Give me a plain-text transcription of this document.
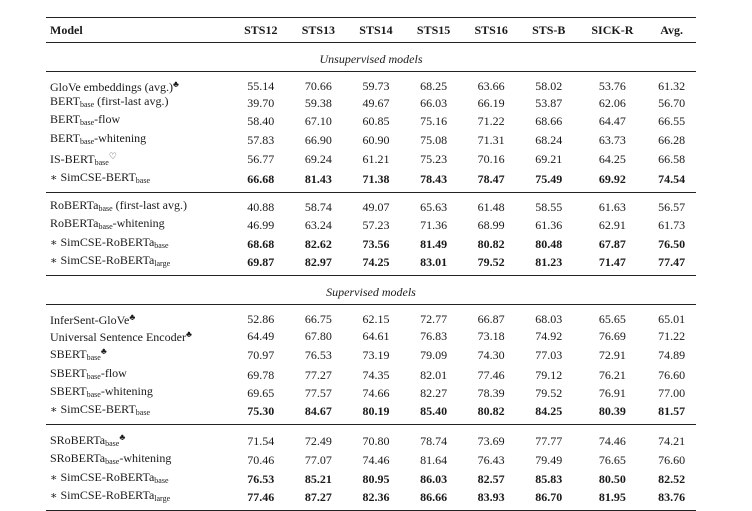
Model	STS12	STS13	STS14	STS15	STS16	STS-B	SICK-R	Avg.
Unsupervised models								
GloVe embeddings (avg.)♣	55.14	70.66	59.73	68.25	63.66	58.02	53.76	61.32
$BERT_{base}$ (first-last avg.)	39.70	59.38	49.67	66.03	66.19	53.87	62.06	56.70
$BERT_{base}$-flow	58.40	67.10	60.85	75.16	71.22	68.66	64.47	66.55
$BERT_{base}$-whitening	57.83	66.90	60.90	75.08	71.31	68.24	63.73	66.28
$IS-BERT_{base}^♡$	56.77	69.24	61.21	75.23	70.16	69.21	64.25	66.58
∗ SimCSE-$BERT_{base}$	66.68	81.43	71.38	78.43	78.47	75.49	69.92	74.54
RoBERTa$_{base}$ (first-last avg.)	40.88	58.74	49.07	65.63	61.48	58.55	61.63	56.57
RoBERTa$_{base}$-whitening	46.99	63.24	57.23	71.36	68.99	61.36	62.91	61.73
∗ SimCSE-RoBERTa$_{base}$	68.68	82.62	73.56	81.49	80.82	80.48	67.87	76.50
∗ SimCSE-RoBERTa$_{large}$	69.87	82.97	74.25	83.01	79.52	81.23	71.47	77.47
Supervised models								
InferSent-GloVe♣	52.86	66.75	62.15	72.77	66.87	68.03	65.65	65.01
Universal Sentence Encoder♣	64.49	67.80	64.61	76.83	73.18	74.92	76.69	71.22
$SBERT_{base}^♣$	70.97	76.53	73.19	79.09	74.30	77.03	72.91	74.89
$SBERT_{base}$-flow	69.78	77.27	74.35	82.01	77.46	79.12	76.21	76.60
$SBERT_{base}$-whitening	69.65	77.57	74.66	82.27	78.39	79.52	76.91	77.00
∗ SimCSE-$BERT_{base}$	75.30	84.67	80.19	85.40	80.82	84.25	80.39	81.57
SRoBERTa$_{base}$♣	71.54	72.49	70.80	78.74	73.69	77.77	74.46	74.21
SRoBERTa$_{base}$-whitening	70.46	77.07	74.46	81.64	76.43	79.49	76.65	76.60
∗ SimCSE-RoBERTa$_{base}$	76.53	85.21	80.95	86.03	82.57	85.83	80.50	82.52
∗ SimCSE-RoBERTa$_{large}$	77.46	87.27	82.36	86.66	83.93	86.70	81.95	83.76
